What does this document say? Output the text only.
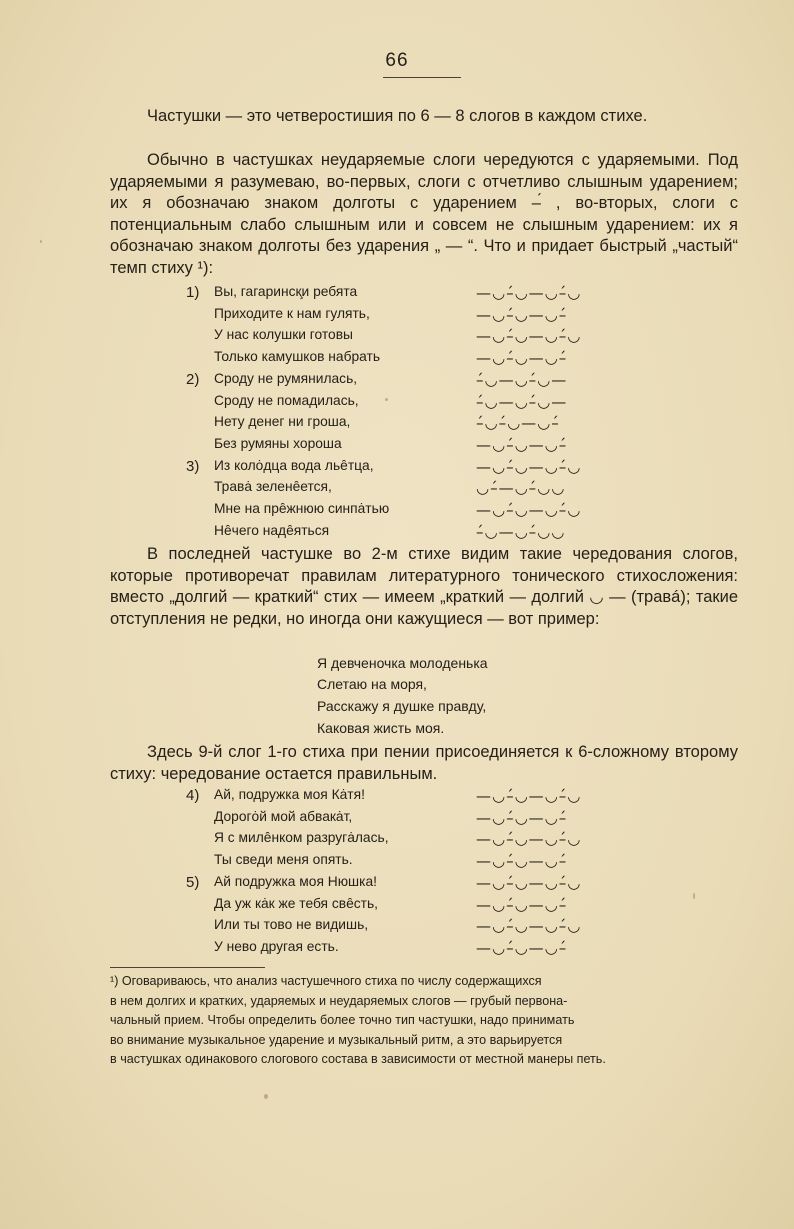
66

Частушки — это четверостишия по 6 — 8 слогов в каждом стихе.

Обычно в частушках неударяемые слоги чередуются с ударяемыми. Под ударяемыми я разумеваю, во-первых, слоги с отчетливо слышным ударением; их я обозначаю знаком долготы с ударением –́ , во-вторых, слоги с потенциальным слабо слышным или и совсем не слышным ударением: их я обозначаю знаком долготы без ударения „ — “. Что и придает быстрый „частый“ темп стиху ¹):

1)	Вы, гагаринск̧и ребята	—◡–́◡—◡–́◡
Приходите к нам гулять,	—◡–́◡—◡–́
У нас колушки готовы	—◡–́◡—◡–́◡
Только камушков набрать	—◡–́◡—◡–́
2)	Сроду не румянилась,	–́◡—◡–́◡—
Сроду не помадилась,	–́◡—◡–́◡—
Нету денег ни гроша,	–́◡–́◡—◡–́
Без румяны хороша	—◡–́◡—◡–́
3)	Из колȯдца вода льȇтца,	—◡–́◡—◡–́◡
Травȧ зеленȇется,	◡–́—◡–́◡◡
Мне на прȇжнюю синпȧтью	—◡–́◡—◡–́◡
Нȇчего надȇяться	–́◡—◡–́◡◡

В последней частушке во 2-м стихе видим такие чередования слогов, которые противоречат правилам литературного тонического стихосложения: вместо „долгий — краткий“ стих — имеем „краткий — долгий ◡ — (травá); такие отступления не редки, но иногда они кажущиеся — вот пример:

Я девченочка молоденька
Слетаю на моря,
Расскажу я душке правду,
Каковая жисть моя.

Здесь 9-й слог 1-го стиха при пении присоединяется к 6-сложному второму стиху: чередование остается правильным.

4)	Ай, подружка моя Кȧтя!	—◡–́◡—◡–́◡
Дорогȯй мой абвакȧт,	—◡–́◡—◡–́
Я с милȇнком разругȧлась,	—◡–́◡—◡–́◡
Ты сведи меня опять.	—◡–́◡—◡–́
5)	Ай подружка моя Нюшка!	—◡–́◡—◡–́◡
Да уж кȧк же тебя свȇсть,	—◡–́◡—◡–́
Или ты тово не видишь,	—◡–́◡—◡–́◡
У нево другая есть.	—◡–́◡—◡–́
¹) Оговариваюсь, что анализ частушечного стиха по числу содержащихся
в нем долгих и кратких, ударяемых и неударяемых слогов — грубый первона-
чальный прием. Чтобы определить более точно тип частушки, надо принимать
во внимание музыкальное ударение и музыкальный ритм, а это варьируется
в частушках одинакового слогового состава в зависимости от местной манеры петь.
